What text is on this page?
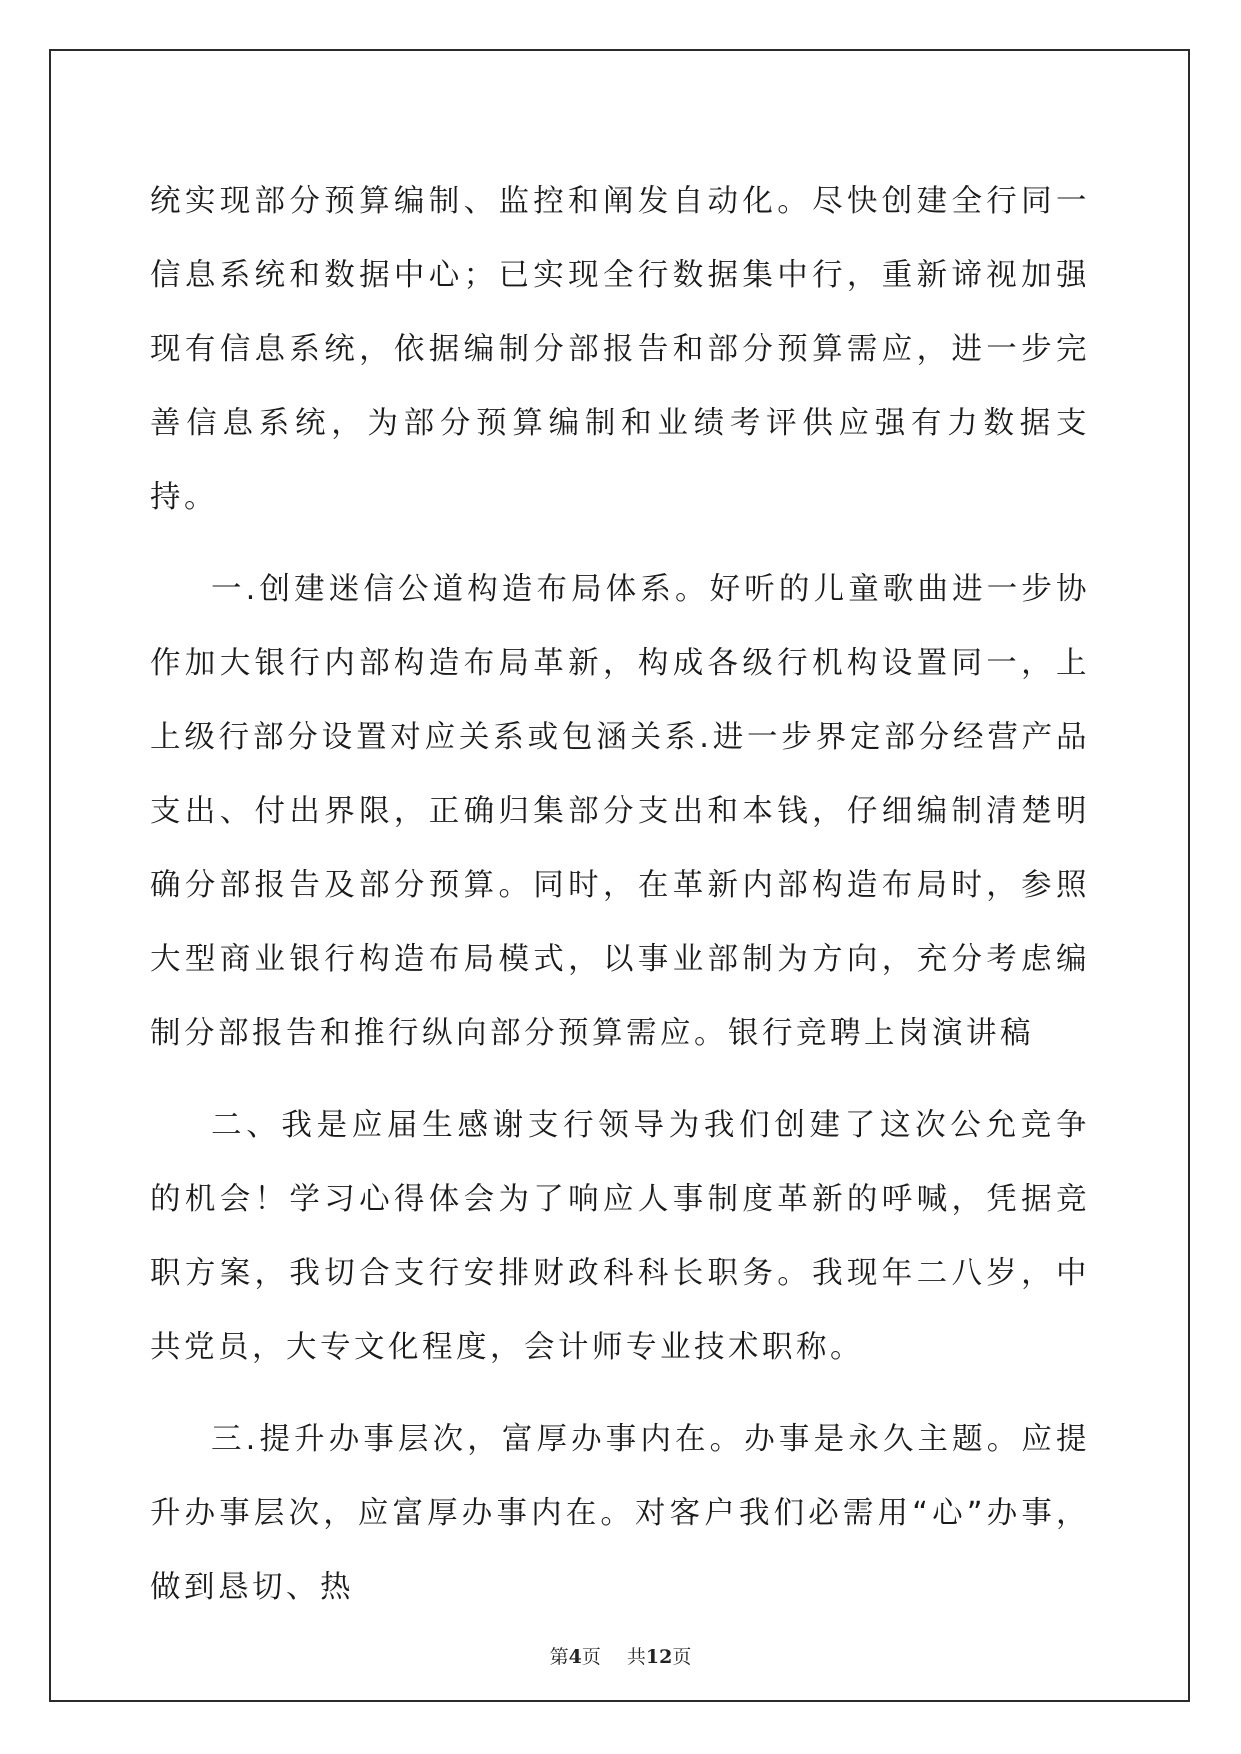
统实现部分预算编制、监控和阐发自动化。尽快创建全行同一信息系统和数据中心；已实现全行数据集中行，重新谛视加强现有信息系统，依据编制分部报告和部分预算需应，进一步完善信息系统，为部分预算编制和业绩考评供应强有力数据支持。

一.创建迷信公道构造布局体系。好听的儿童歌曲进一步协作加大银行内部构造布局革新，构成各级行机构设置同一，上上级行部分设置对应关系或包涵关系.进一步界定部分经营产品支出、付出界限，正确归集部分支出和本钱，仔细编制清楚明确分部报告及部分预算。同时，在革新内部构造布局时，参照大型商业银行构造布局模式，以事业部制为方向，充分考虑编制分部报告和推行纵向部分预算需应。银行竞聘上岗演讲稿

二、我是应届生感谢支行领导为我们创建了这次公允竞争的机会！学习心得体会为了响应人事制度革新的呼喊，凭据竞职方案，我切合支行安排财政科科长职务。我现年二八岁，中共党员，大专文化程度，会计师专业技术职称。

三.提升办事层次，富厚办事内在。办事是永久主题。应提升办事层次，应富厚办事内在。对客户我们必需用“心”办事，做到恳切、热

第4页 共12页
